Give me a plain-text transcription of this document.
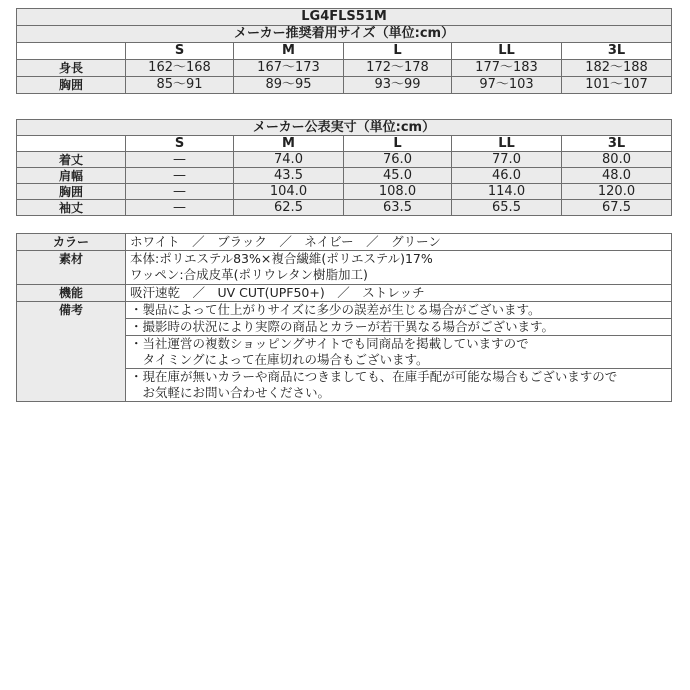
LG4FLS51M					
メーカー推奨着用サイズ（単位:cm）					
	S	M	L	LL	3L
身長	162〜168	167〜173	172〜178	177〜183	182〜188
胸囲	85〜91	89〜95	93〜99	97〜103	101〜107
メーカー公表実寸（単位:cm）					
	S	M	L	LL	3L
着丈	—	74.0	76.0	77.0	80.0
肩幅	—	43.5	45.0	46.0	48.0
胸囲	—	104.0	108.0	114.0	120.0
袖丈	—	62.5	63.5	65.5	67.5
カラー	ホワイト　／　ブラック　／　ネイビー　／　グリーン
素材	本体:ポリエステル83%×複合繊維(ポリエステル)17%
ワッペン:合成皮革(ポリウレタン樹脂加工)

機能	吸汗速乾　／　UV CUT(UPF50+)　／　ストレッチ
備考	・製品によって仕上がりサイズに多少の誤差が生じる場合がございます。
	・撮影時の状況により実際の商品とカラーが若干異なる場合がございます。

	・当社運営の複数ショッピングサイトでも同商品を掲載していますので
　タイミングによって在庫切れの場合もございます。

	・現在庫が無いカラーや商品につきましても、在庫手配が可能な場合もございますので
　お気軽にお問い合わせください。
